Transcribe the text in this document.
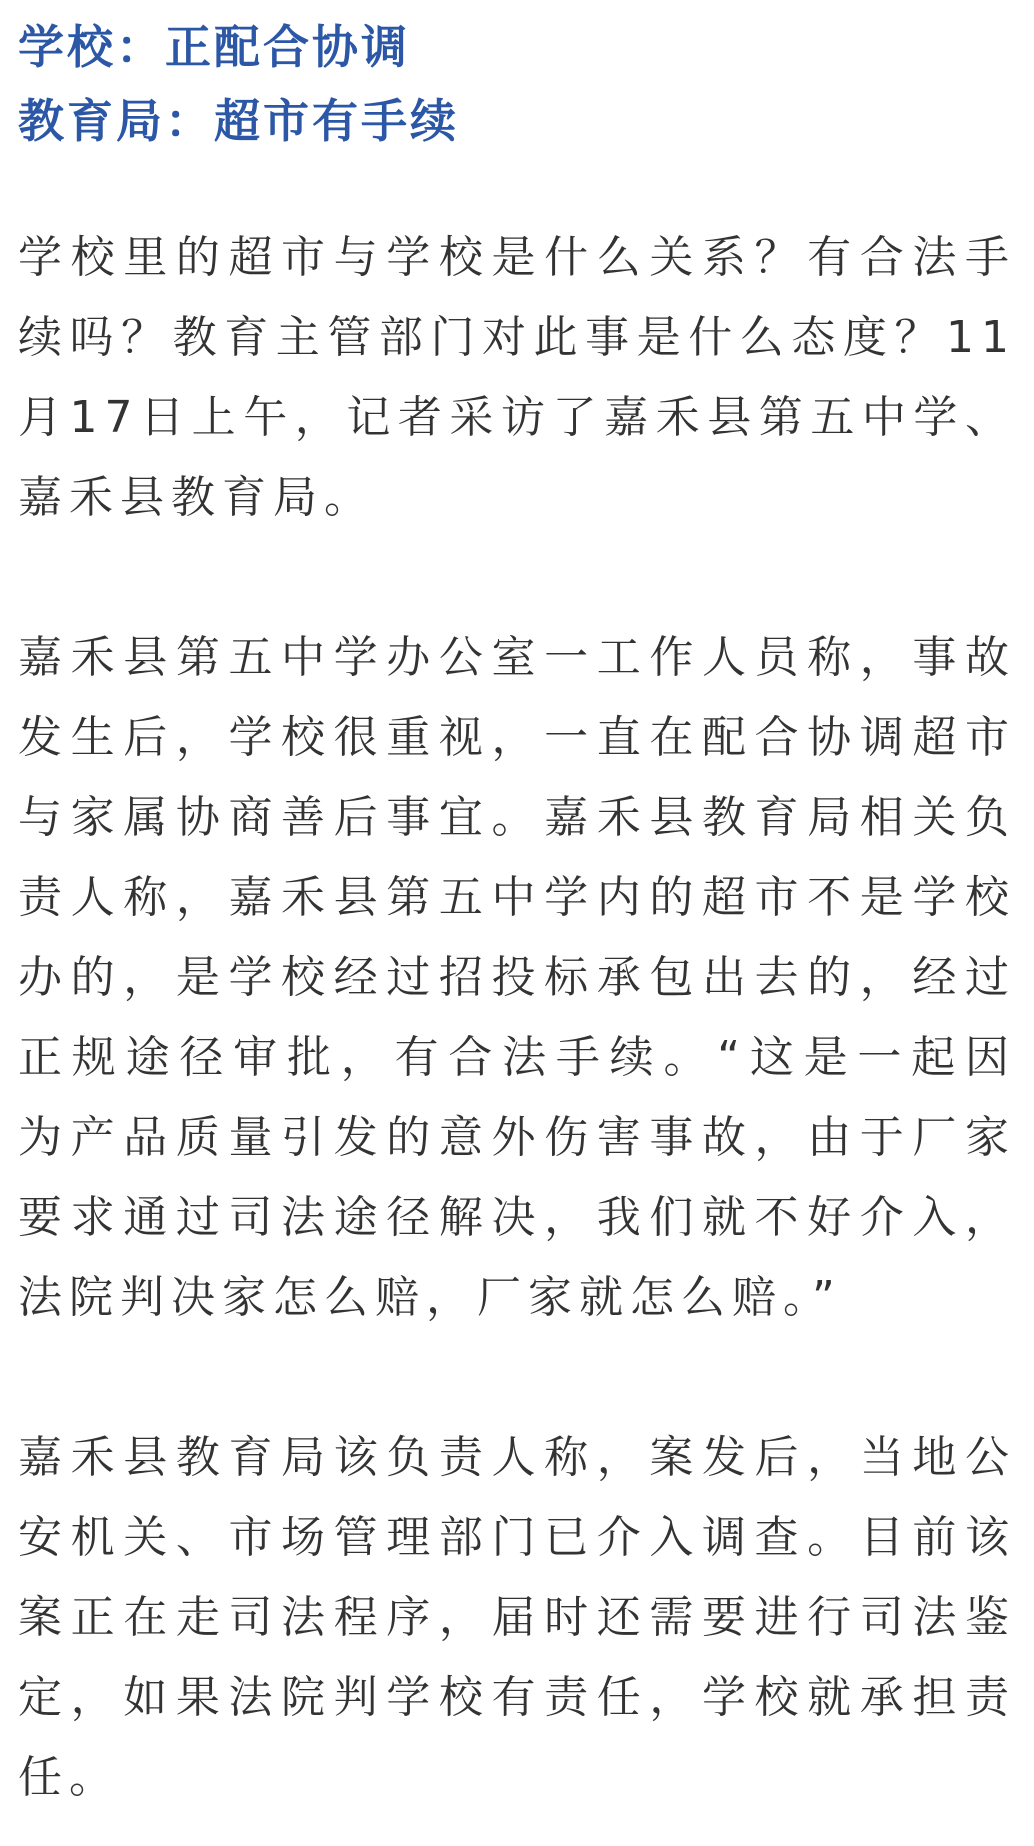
学校：正配合协调
教育局：超市有手续

学校里的超市与学校是什么关系？有合法手续吗？教育主管部门对此事是什么态度？11月17日上午，记者采访了嘉禾县第五中学、嘉禾县教育局。

嘉禾县第五中学办公室一工作人员称，事故发生后，学校很重视，一直在配合协调超市与家属协商善后事宜。嘉禾县教育局相关负责人称，嘉禾县第五中学内的超市不是学校办的，是学校经过招投标承包出去的，经过正规途径审批，有合法手续。“这是一起因为产品质量引发的意外伤害事故，由于厂家要求通过司法途径解决，我们就不好介入，法院判决家怎么赔，厂家就怎么赔。”

嘉禾县教育局该负责人称，案发后，当地公安机关、市场管理部门已介入调查。目前该案正在走司法程序，届时还需要进行司法鉴定，如果法院判学校有责任，学校就承担责任。
